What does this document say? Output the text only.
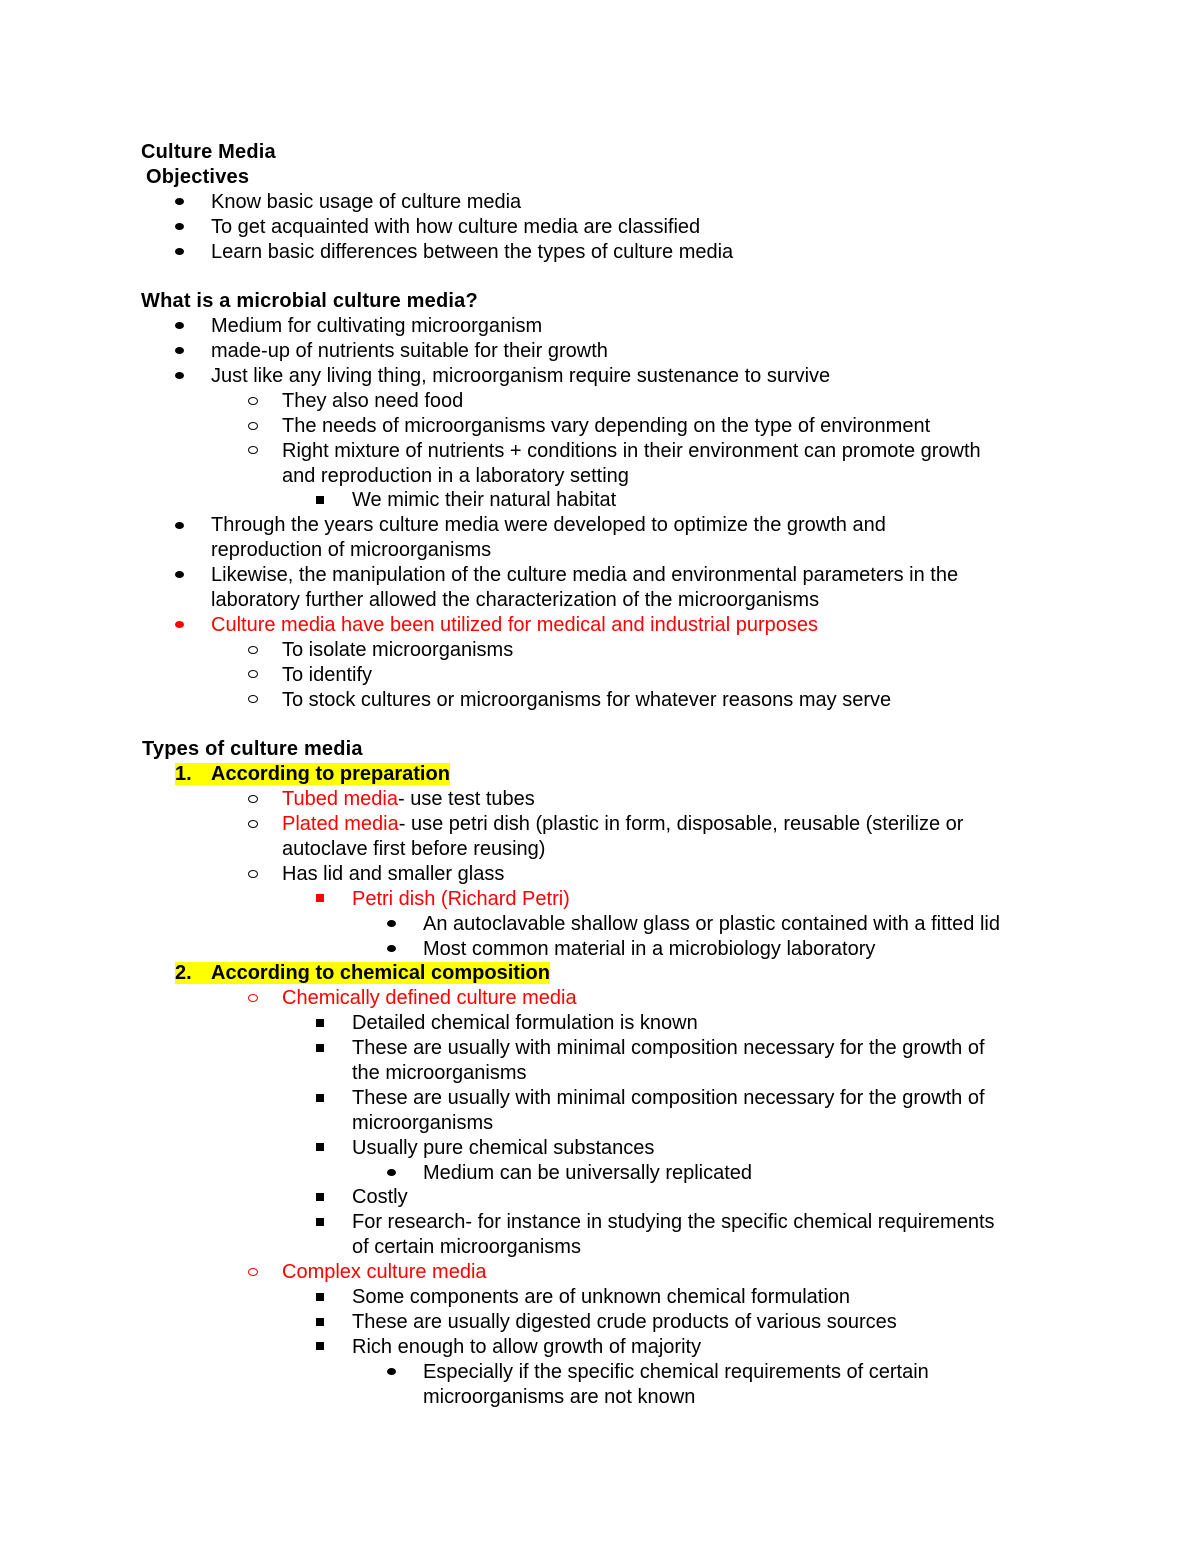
Culture Media
Objectives
Know basic usage of culture media
To get acquainted with how culture media are classified
Learn basic differences between the types of culture media
What is a microbial culture media?
Medium for cultivating microorganism
made-up of nutrients suitable for their growth
Just like any living thing, microorganism require sustenance to survive
They also need food
The needs of microorganisms vary depending on the type of environment
Right mixture of nutrients + conditions in their environment can promote growth
and reproduction in a laboratory setting
We mimic their natural habitat
Through the years culture media were developed to optimize the growth and
reproduction of microorganisms
Likewise, the manipulation of the culture media and environmental parameters in the
laboratory further allowed the characterization of the microorganisms
Culture media have been utilized for medical and industrial purposes
To isolate microorganisms
To identify
To stock cultures or microorganisms for whatever reasons may serve
Types of culture media
1. According to preparation
Tubed media- use test tubes
Plated media- use petri dish (plastic in form, disposable, reusable (sterilize or
autoclave first before reusing)
Has lid and smaller glass
Petri dish (Richard Petri)
An autoclavable shallow glass or plastic contained with a fitted lid
Most common material in a microbiology laboratory
2. According to chemical composition
Chemically defined culture media
Detailed chemical formulation is known
These are usually with minimal composition necessary for the growth of
the microorganisms
These are usually with minimal composition necessary for the growth of
microorganisms
Usually pure chemical substances
Medium can be universally replicated
Costly
For research- for instance in studying the specific chemical requirements
of certain microorganisms
Complex culture media
Some components are of unknown chemical formulation
These are usually digested crude products of various sources
Rich enough to allow growth of majority
Especially if the specific chemical requirements of certain
microorganisms are not known
